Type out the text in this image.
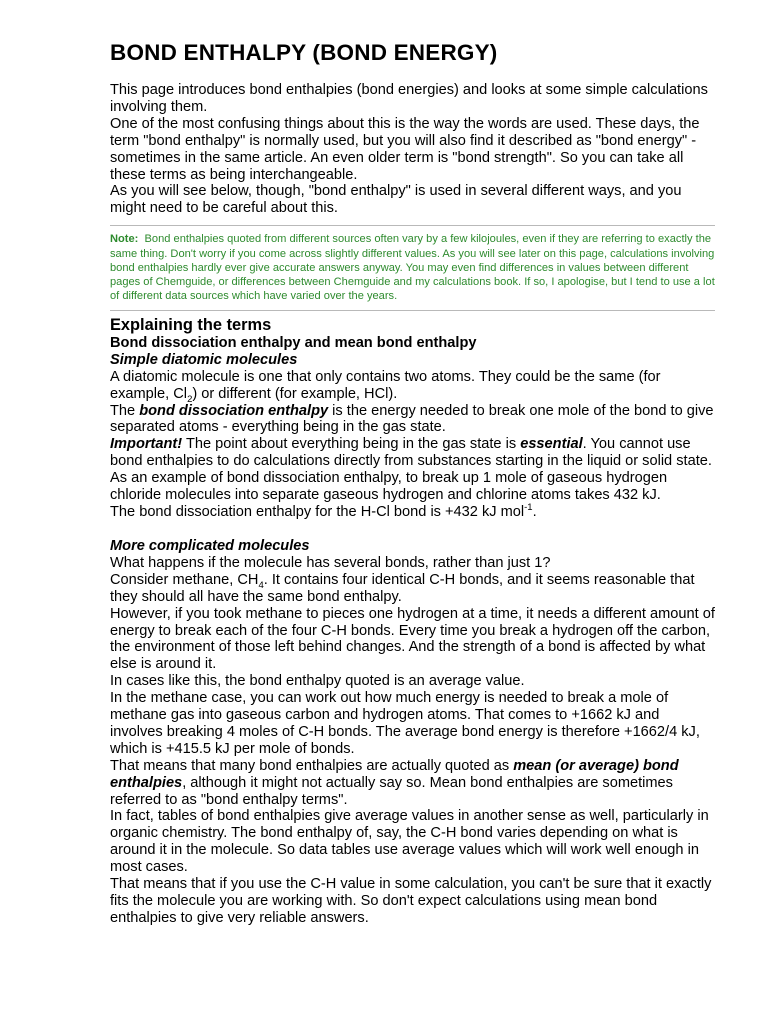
BOND ENTHALPY (BOND ENERGY)

This page introduces bond enthalpies (bond energies) and looks at some simple calculations involving them.

One of the most confusing things about this is the way the words are used. These days, the term "bond enthalpy" is normally used, but you will also find it described as "bond energy" - sometimes in the same article. An even older term is "bond strength". So you can take all these terms as being interchangeable.

As you will see below, though, "bond enthalpy" is used in several different ways, and you might need to be careful about this.

Note: Bond enthalpies quoted from different sources often vary by a few kilojoules, even if they are referring to exactly the same thing. Don't worry if you come across slightly different values. As you will see later on this page, calculations involving bond enthalpies hardly ever give accurate answers anyway. You may even find differences in values between different pages of Chemguide, or differences between Chemguide and my calculations book. If so, I apologise, but I tend to use a lot of different data sources which have varied over the years.
Explaining the terms
Bond dissociation enthalpy and mean bond enthalpy
Simple diatomic molecules

A diatomic molecule is one that only contains two atoms. They could be the same (for example, $Cl_2$) or different (for example, HCl).

The bond dissociation enthalpy is the energy needed to break one mole of the bond to give separated atoms - everything being in the gas state.

Important! The point about everything being in the gas state is essential. You cannot use bond enthalpies to do calculations directly from substances starting in the liquid or solid state.

As an example of bond dissociation enthalpy, to break up 1 mole of gaseous hydrogen chloride molecules into separate gaseous hydrogen and chlorine atoms takes 432 kJ.

The bond dissociation enthalpy for the H-Cl bond is +432 kJ mol$^{-1}$.

More complicated molecules

What happens if the molecule has several bonds, rather than just 1?

Consider methane, $CH_4$. It contains four identical C-H bonds, and it seems reasonable that they should all have the same bond enthalpy.

However, if you took methane to pieces one hydrogen at a time, it needs a different amount of energy to break each of the four C-H bonds. Every time you break a hydrogen off the carbon, the environment of those left behind changes. And the strength of a bond is affected by what else is around it.

In cases like this, the bond enthalpy quoted is an average value.

In the methane case, you can work out how much energy is needed to break a mole of methane gas into gaseous carbon and hydrogen atoms. That comes to +1662 kJ and involves breaking 4 moles of C-H bonds. The average bond energy is therefore +1662/4 kJ, which is +415.5 kJ per mole of bonds.

That means that many bond enthalpies are actually quoted as mean (or average) bond enthalpies, although it might not actually say so. Mean bond enthalpies are sometimes referred to as "bond enthalpy terms".

In fact, tables of bond enthalpies give average values in another sense as well, particularly in organic chemistry. The bond enthalpy of, say, the C-H bond varies depending on what is around it in the molecule. So data tables use average values which will work well enough in most cases.

That means that if you use the C-H value in some calculation, you can't be sure that it exactly fits the molecule you are working with. So don't expect calculations using mean bond enthalpies to give very reliable answers.
